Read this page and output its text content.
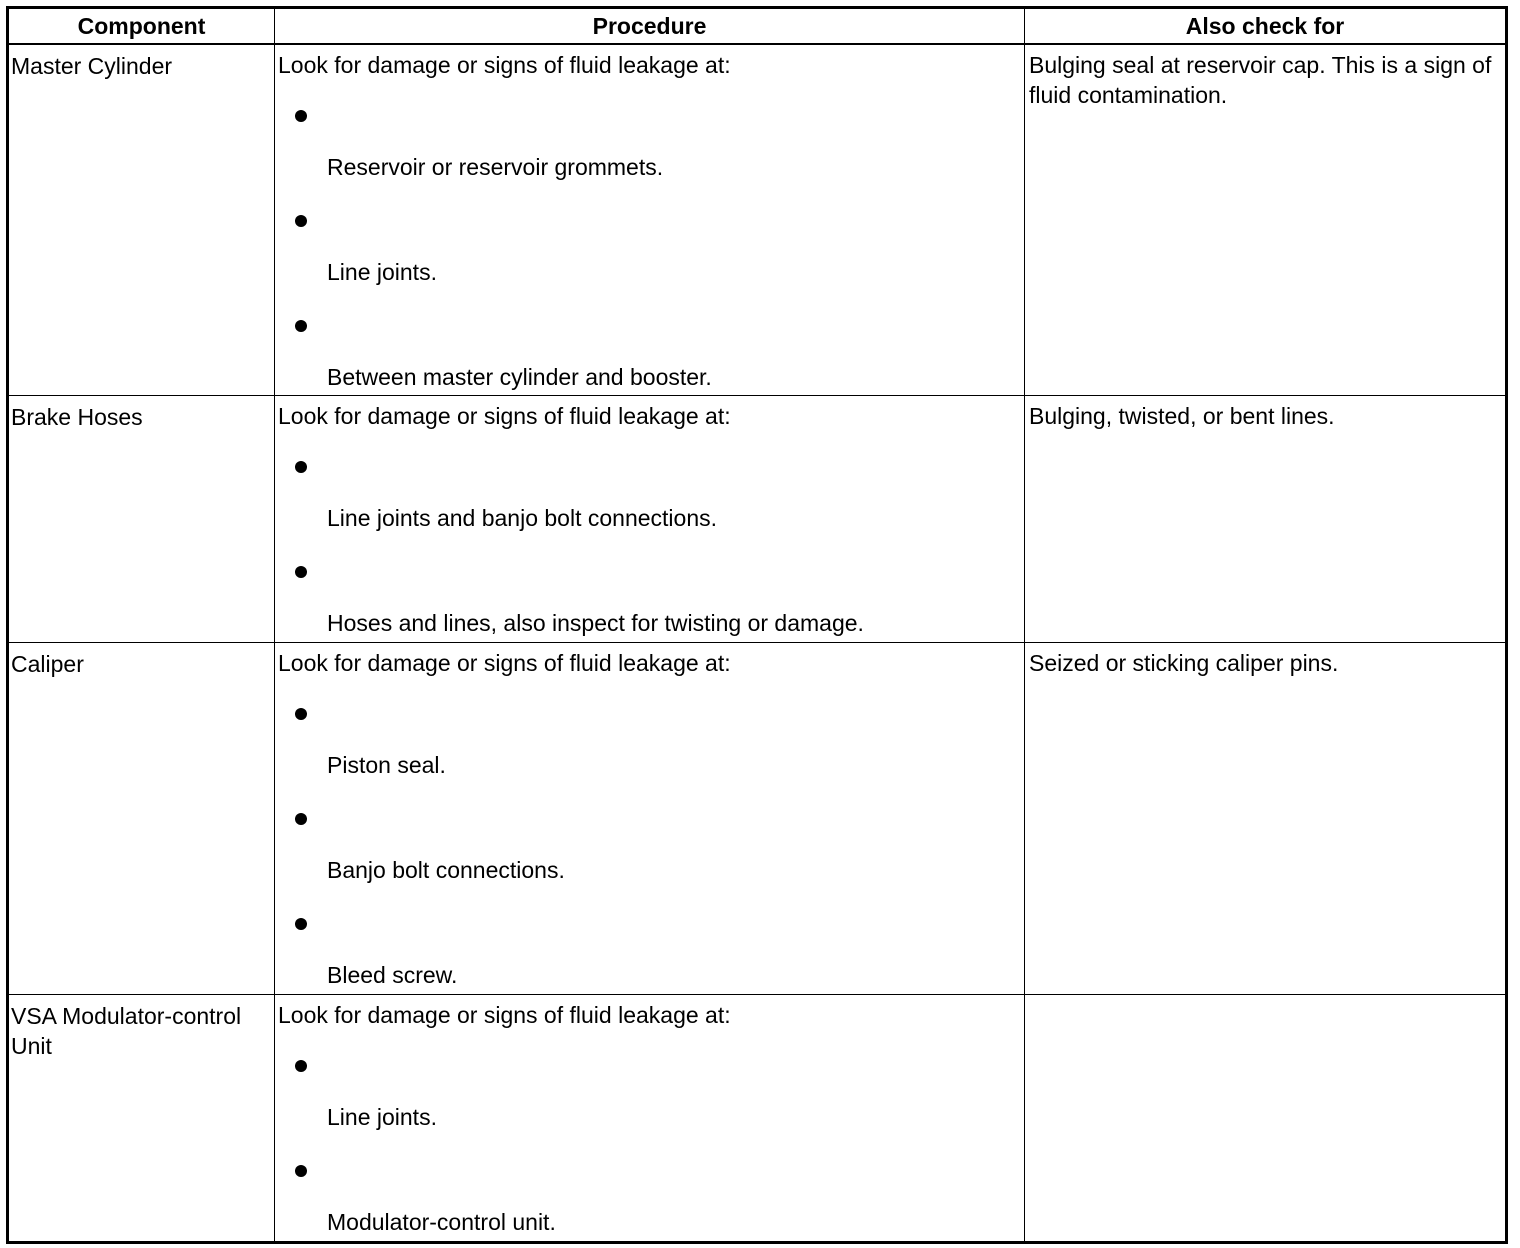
Component	Procedure	Also check for

Master Cylinder	Look for damage or signs of fluid leakage at:
Reservoir or reservoir grommets.
Line joints.
Between master cylinder and booster.	Bulging seal at reservoir cap. This is a sign of fluid contamination.

Brake Hoses	Look for damage or signs of fluid leakage at:
Line joints and banjo bolt connections.
Hoses and lines, also inspect for twisting or damage.	Bulging, twisted, or bent lines.

Caliper	Look for damage or signs of fluid leakage at:
Piston seal.
Banjo bolt connections.
Bleed screw.	Seized or sticking caliper pins.

VSA Modulator-control Unit	Look for damage or signs of fluid leakage at:
Line joints.
Modulator-control unit.	
